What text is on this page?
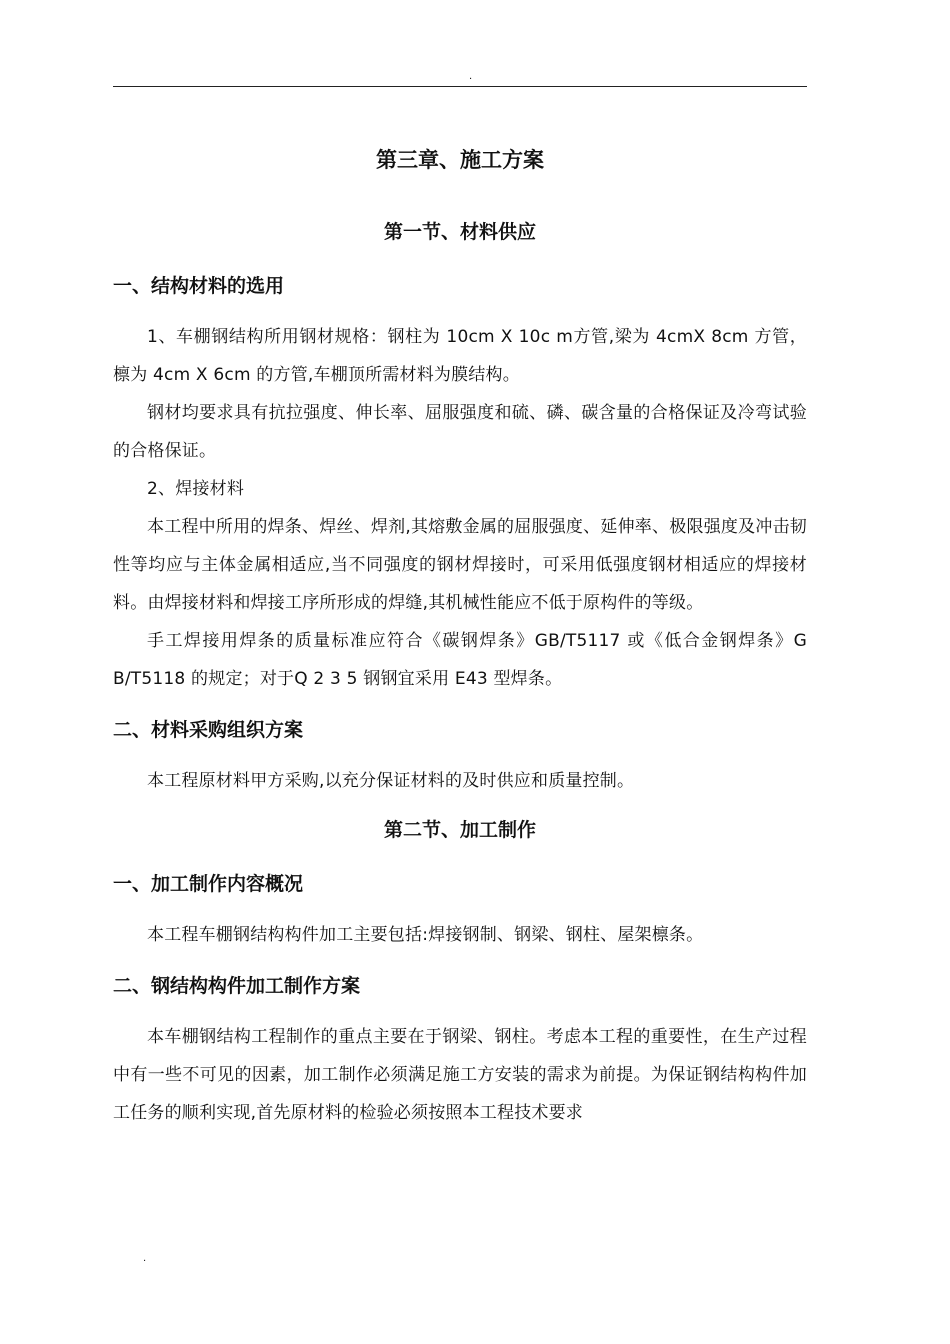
.
第三章、施工方案
第一节、材料供应
一、结构材料的选用

1、车棚钢结构所用钢材规格：钢柱为 10cm X 10c m方管,梁为 4cmX 8cm 方管，檩为 4cm X 6cm 的方管,车棚顶所需材料为膜结构。

钢材均要求具有抗拉强度、伸长率、屈服强度和硫、磷、碳含量的合格保证及冷弯试验的合格保证。

2、焊接材料

本工程中所用的焊条、焊丝、焊剂,其熔敷金属的屈服强度、延伸率、极限强度及冲击韧性等均应与主体金属相适应,当不同强度的钢材焊接时，可采用低强度钢材相适应的焊接材料。由焊接材料和焊接工序所形成的焊缝,其机械性能应不低于原构件的等级。

手工焊接用焊条的质量标准应符合《碳钢焊条》GB/T5117 或《低合金钢焊条》G B/T5118 的规定；对于Q 2 3 5 钢钢宜采用 E43 型焊条。

二、材料采购组织方案

本工程原材料甲方采购,以充分保证材料的及时供应和质量控制。

第二节、加工制作
一、加工制作内容概况

本工程车棚钢结构构件加工主要包括:焊接钢制、钢梁、钢柱、屋架檩条。

二、钢结构构件加工制作方案

本车棚钢结构工程制作的重点主要在于钢梁、钢柱。考虑本工程的重要性，在生产过程中有一些不可见的因素，加工制作必须满足施工方安装的需求为前提。为保证钢结构构件加工任务的顺利实现,首先原材料的检验必须按照本工程技术要求

.
